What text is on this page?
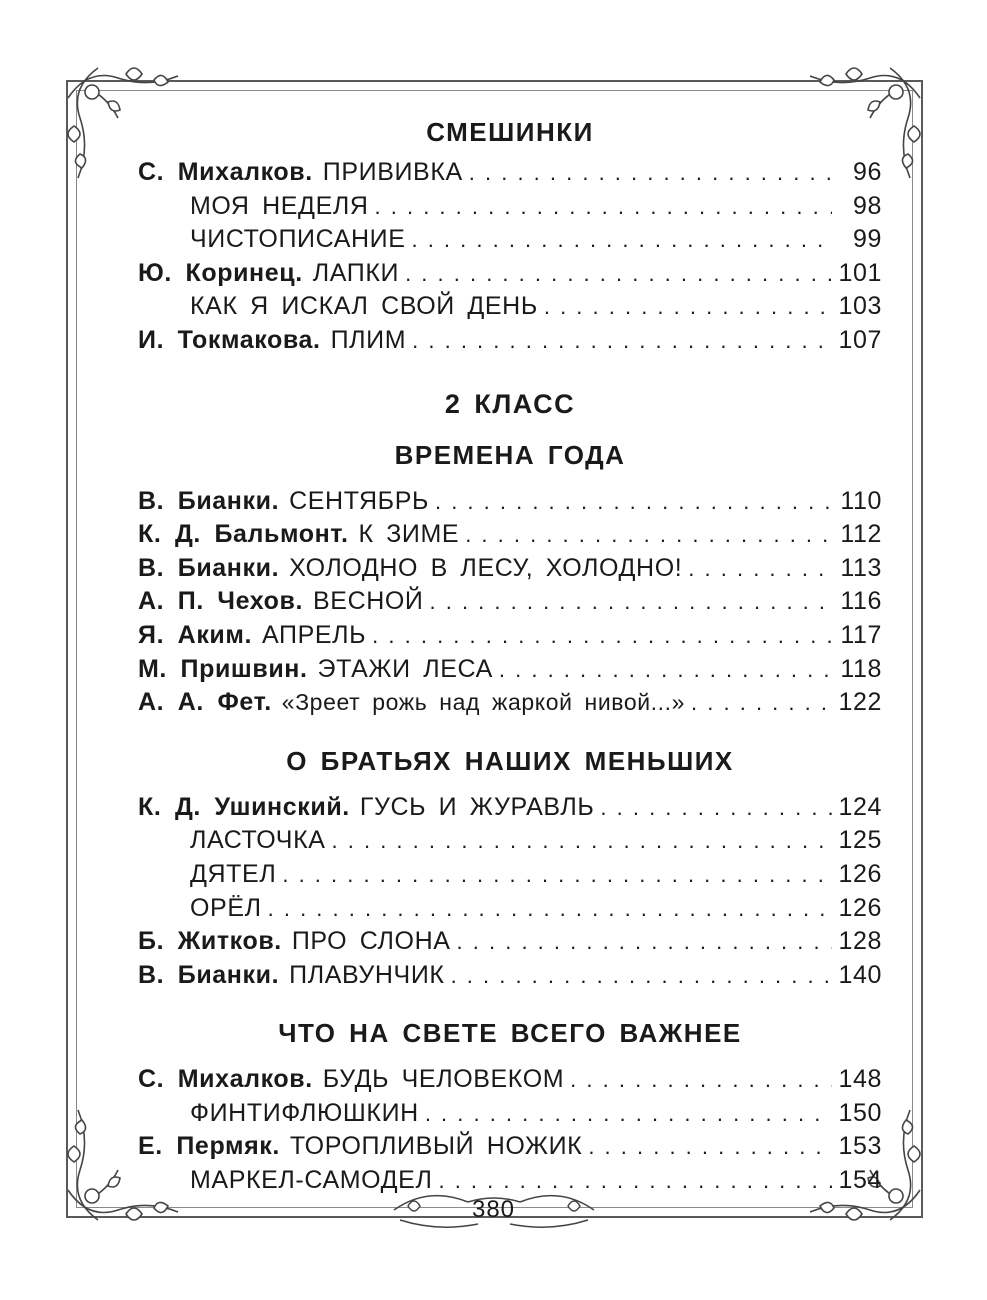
СМЕШИНКИ
С. Михалков. ПРИВИВКА . . .	96
МОЯ НЕДЕЛЯ . . .	98
ЧИСТОПИСАНИЕ . . .	99
Ю. Коринец. ЛАПКИ . . .	101
КАК Я ИСКАЛ СВОЙ ДЕНЬ . . .	103
И. Токмакова. ПЛИМ . . .	107
2 КЛАСС
ВРЕМЕНА ГОДА
В. Бианки. СЕНТЯБРЬ . . .	110
К. Д. Бальмонт. К ЗИМЕ . . .	112
В. Бианки. ХОЛОДНО В ЛЕСУ, ХОЛОДНО! . . .	113
А. П. Чехов. ВЕСНОЙ . . .	116
Я. Аким. АПРЕЛЬ . . .	117
М. Пришвин. ЭТАЖИ ЛЕСА . . .	118
А. А. Фет. «Зреет рожь над жаркой нивой...» . . .	122
О БРАТЬЯХ НАШИХ МЕНЬШИХ
К. Д. Ушинский. ГУСЬ И ЖУРАВЛЬ . . .	124
ЛАСТОЧКА . . .	125
ДЯТЕЛ . . .	126
ОРЁЛ . . .	126
Б. Житков. ПРО СЛОНА . . .	128
В. Бианки. ПЛАВУНЧИК . . .	140
ЧТО НА СВЕТЕ ВСЕГО ВАЖНЕЕ
С. Михалков. БУДЬ ЧЕЛОВЕКОМ . . .	148
ФИНТИФЛЮШКИН . . .	150
Е. Пермяк. ТОРОПЛИВЫЙ НОЖИК . . .	153
МАРКЕЛ-САМОДЕЛ . . .	154
380
